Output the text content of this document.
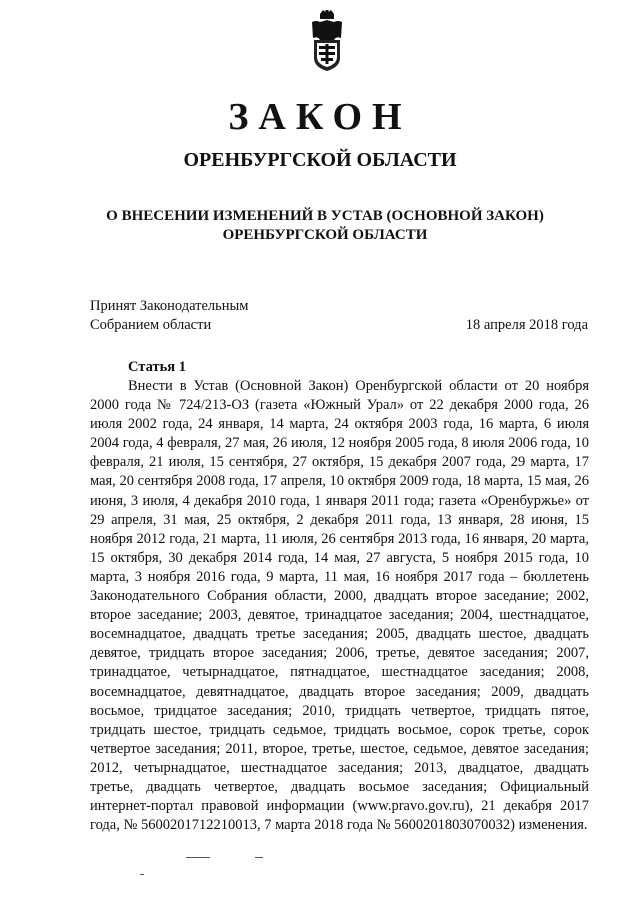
ЗАКОН
ОРЕНБУРГСКОЙ ОБЛАСТИ
О ВНЕСЕНИИ ИЗМЕНЕНИЙ В УСТАВ (ОСНОВНОЙ ЗАКОН)
ОРЕНБУРГСКОЙ ОБЛАСТИ
Принят Законодательным
Собранием области	18 апреля 2018 года
Статья 1

Внести в Устав (Основной Закон) Оренбургской области от 20 ноября 2000 года № 724/213-ОЗ (газета «Южный Урал» от 22 декабря 2000 года, 26 июля 2002 года, 24 января, 14 марта, 24 октября 2003 года, 16 марта, 6 июля 2004 года, 4 февраля, 27 мая, 26 июля, 12 ноября 2005 года, 8 июля 2006 года, 10 февраля, 21 июля, 15 сентября, 27 октября, 15 декабря 2007 года, 29 марта, 17 мая, 20 сентября 2008 года, 17 апреля, 10 октября 2009 года, 18 марта, 15 мая, 26 июня, 3 июля, 4 декабря 2010 года, 1 января 2011 года; газета «Оренбуржье» от 29 апреля, 31 мая, 25 октября, 2 декабря 2011 года, 13 января, 28 июня, 15 ноября 2012 года, 21 марта, 11 июля, 26 сентября 2013 года, 16 января, 20 марта, 15 октября, 30 декабря 2014 года, 14 мая, 27 августа, 5 ноября 2015 года, 10 марта, 3 ноября 2016 года, 9 марта, 11 мая, 16 ноября 2017 года – бюллетень Законодательного Собрания области, 2000, двадцать второе заседание; 2002, второе заседание; 2003, девятое, тринадцатое заседания; 2004, шестнадцатое, восемнадцатое, двадцать третье заседания; 2005, двадцать шестое, двадцать девятое, тридцать второе заседания; 2006, третье, девятое заседания; 2007, тринадцатое, четырнадцатое, пятнадцатое, шестнадцатое заседания; 2008, восемнадцатое, девятнадцатое, двадцать второе заседания; 2009, двадцать восьмое, тридцатое заседания; 2010, тридцать четвертое, тридцать пятое, тридцать шестое, тридцать седьмое, тридцать восьмое, сорок третье, сорок четвертое заседания; 2011, второе, третье, шестое, седьмое, девятое заседания; 2012, четырнадцатое, шестнадцатое заседания; 2013, двадцатое, двадцать третье, двадцать четвертое, двадцать восьмое заседания; Официальный интернет-портал правовой информации (www.pravo.gov.ru), 21 декабря 2017 года, № 5600201712210013, 7 марта 2018 года № 5600201803070032) изменения.
